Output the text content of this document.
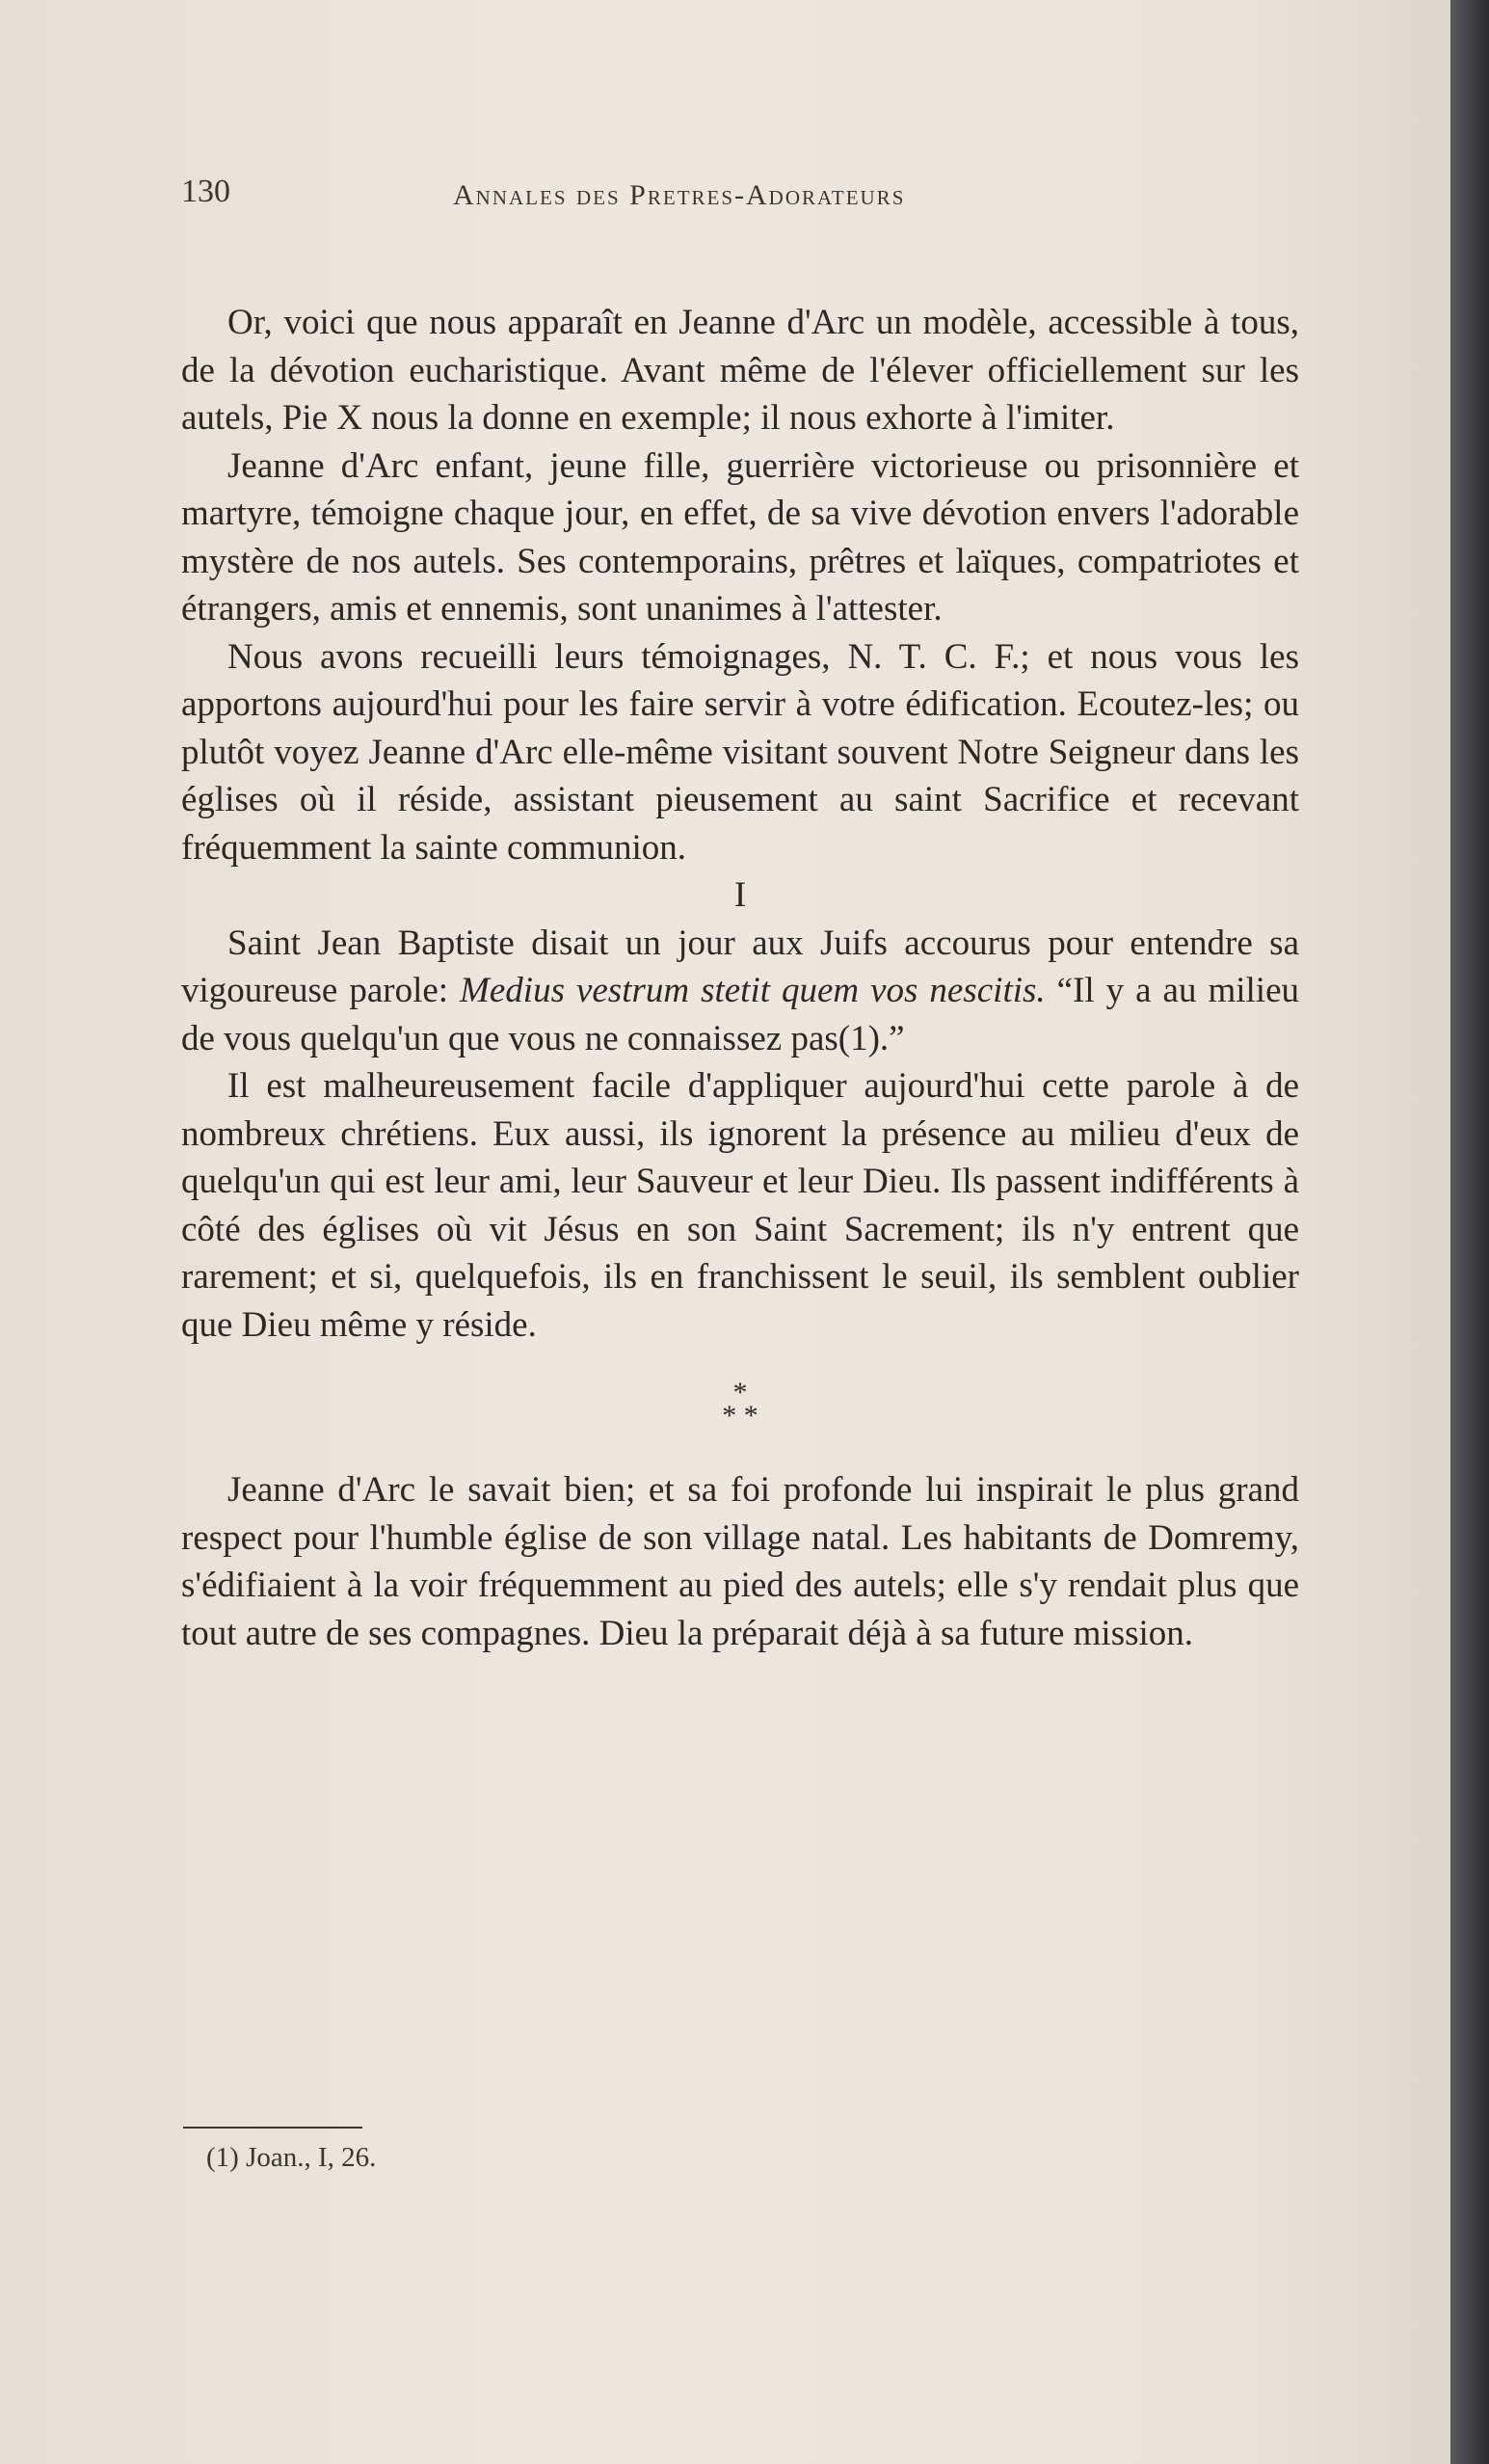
130	Annales des Pretres-Adorateurs

Or, voici que nous apparaît en Jeanne d'Arc un modèle, accessible à tous, de la dévotion eucharistique. Avant même de l'élever officiellement sur les autels, Pie X nous la donne en exemple; il nous exhorte à l'imiter.

Jeanne d'Arc enfant, jeune fille, guerrière victorieuse ou prisonnière et martyre, témoigne chaque jour, en effet, de sa vive dévotion envers l'adorable mystère de nos autels. Ses contemporains, prêtres et laïques, compatriotes et étrangers, amis et ennemis, sont unanimes à l'attester.

Nous avons recueilli leurs témoignages, N. T. C. F.; et nous vous les apportons aujourd'hui pour les faire servir à votre édification. Ecoutez-les; ou plutôt voyez Jeanne d'Arc elle-même visitant souvent Notre Seigneur dans les églises où il réside, assistant pieusement au saint Sacrifice et recevant fréquemment la sainte communion.

I

Saint Jean Baptiste disait un jour aux Juifs accourus pour entendre sa vigoureuse parole: Medius vestrum stetit quem vos nescitis. “Il y a au milieu de vous quelqu'un que vous ne connaissez pas(1).”

Il est malheureusement facile d'appliquer aujourd'hui cette parole à de nombreux chrétiens. Eux aussi, ils ignorent la présence au milieu d'eux de quelqu'un qui est leur ami, leur Sauveur et leur Dieu. Ils passent indifférents à côté des églises où vit Jésus en son Saint Sacrement; ils n'y entrent que rarement; et si, quelquefois, ils en franchissent le seuil, ils semblent oublier que Dieu même y réside.

*
* *

Jeanne d'Arc le savait bien; et sa foi profonde lui inspirait le plus grand respect pour l'humble église de son village natal. Les habitants de Domremy, s'édifiaient à la voir fréquemment au pied des autels; elle s'y rendait plus que tout autre de ses compagnes. Dieu la préparait déjà à sa future mission.

(1) Joan., I, 26.
